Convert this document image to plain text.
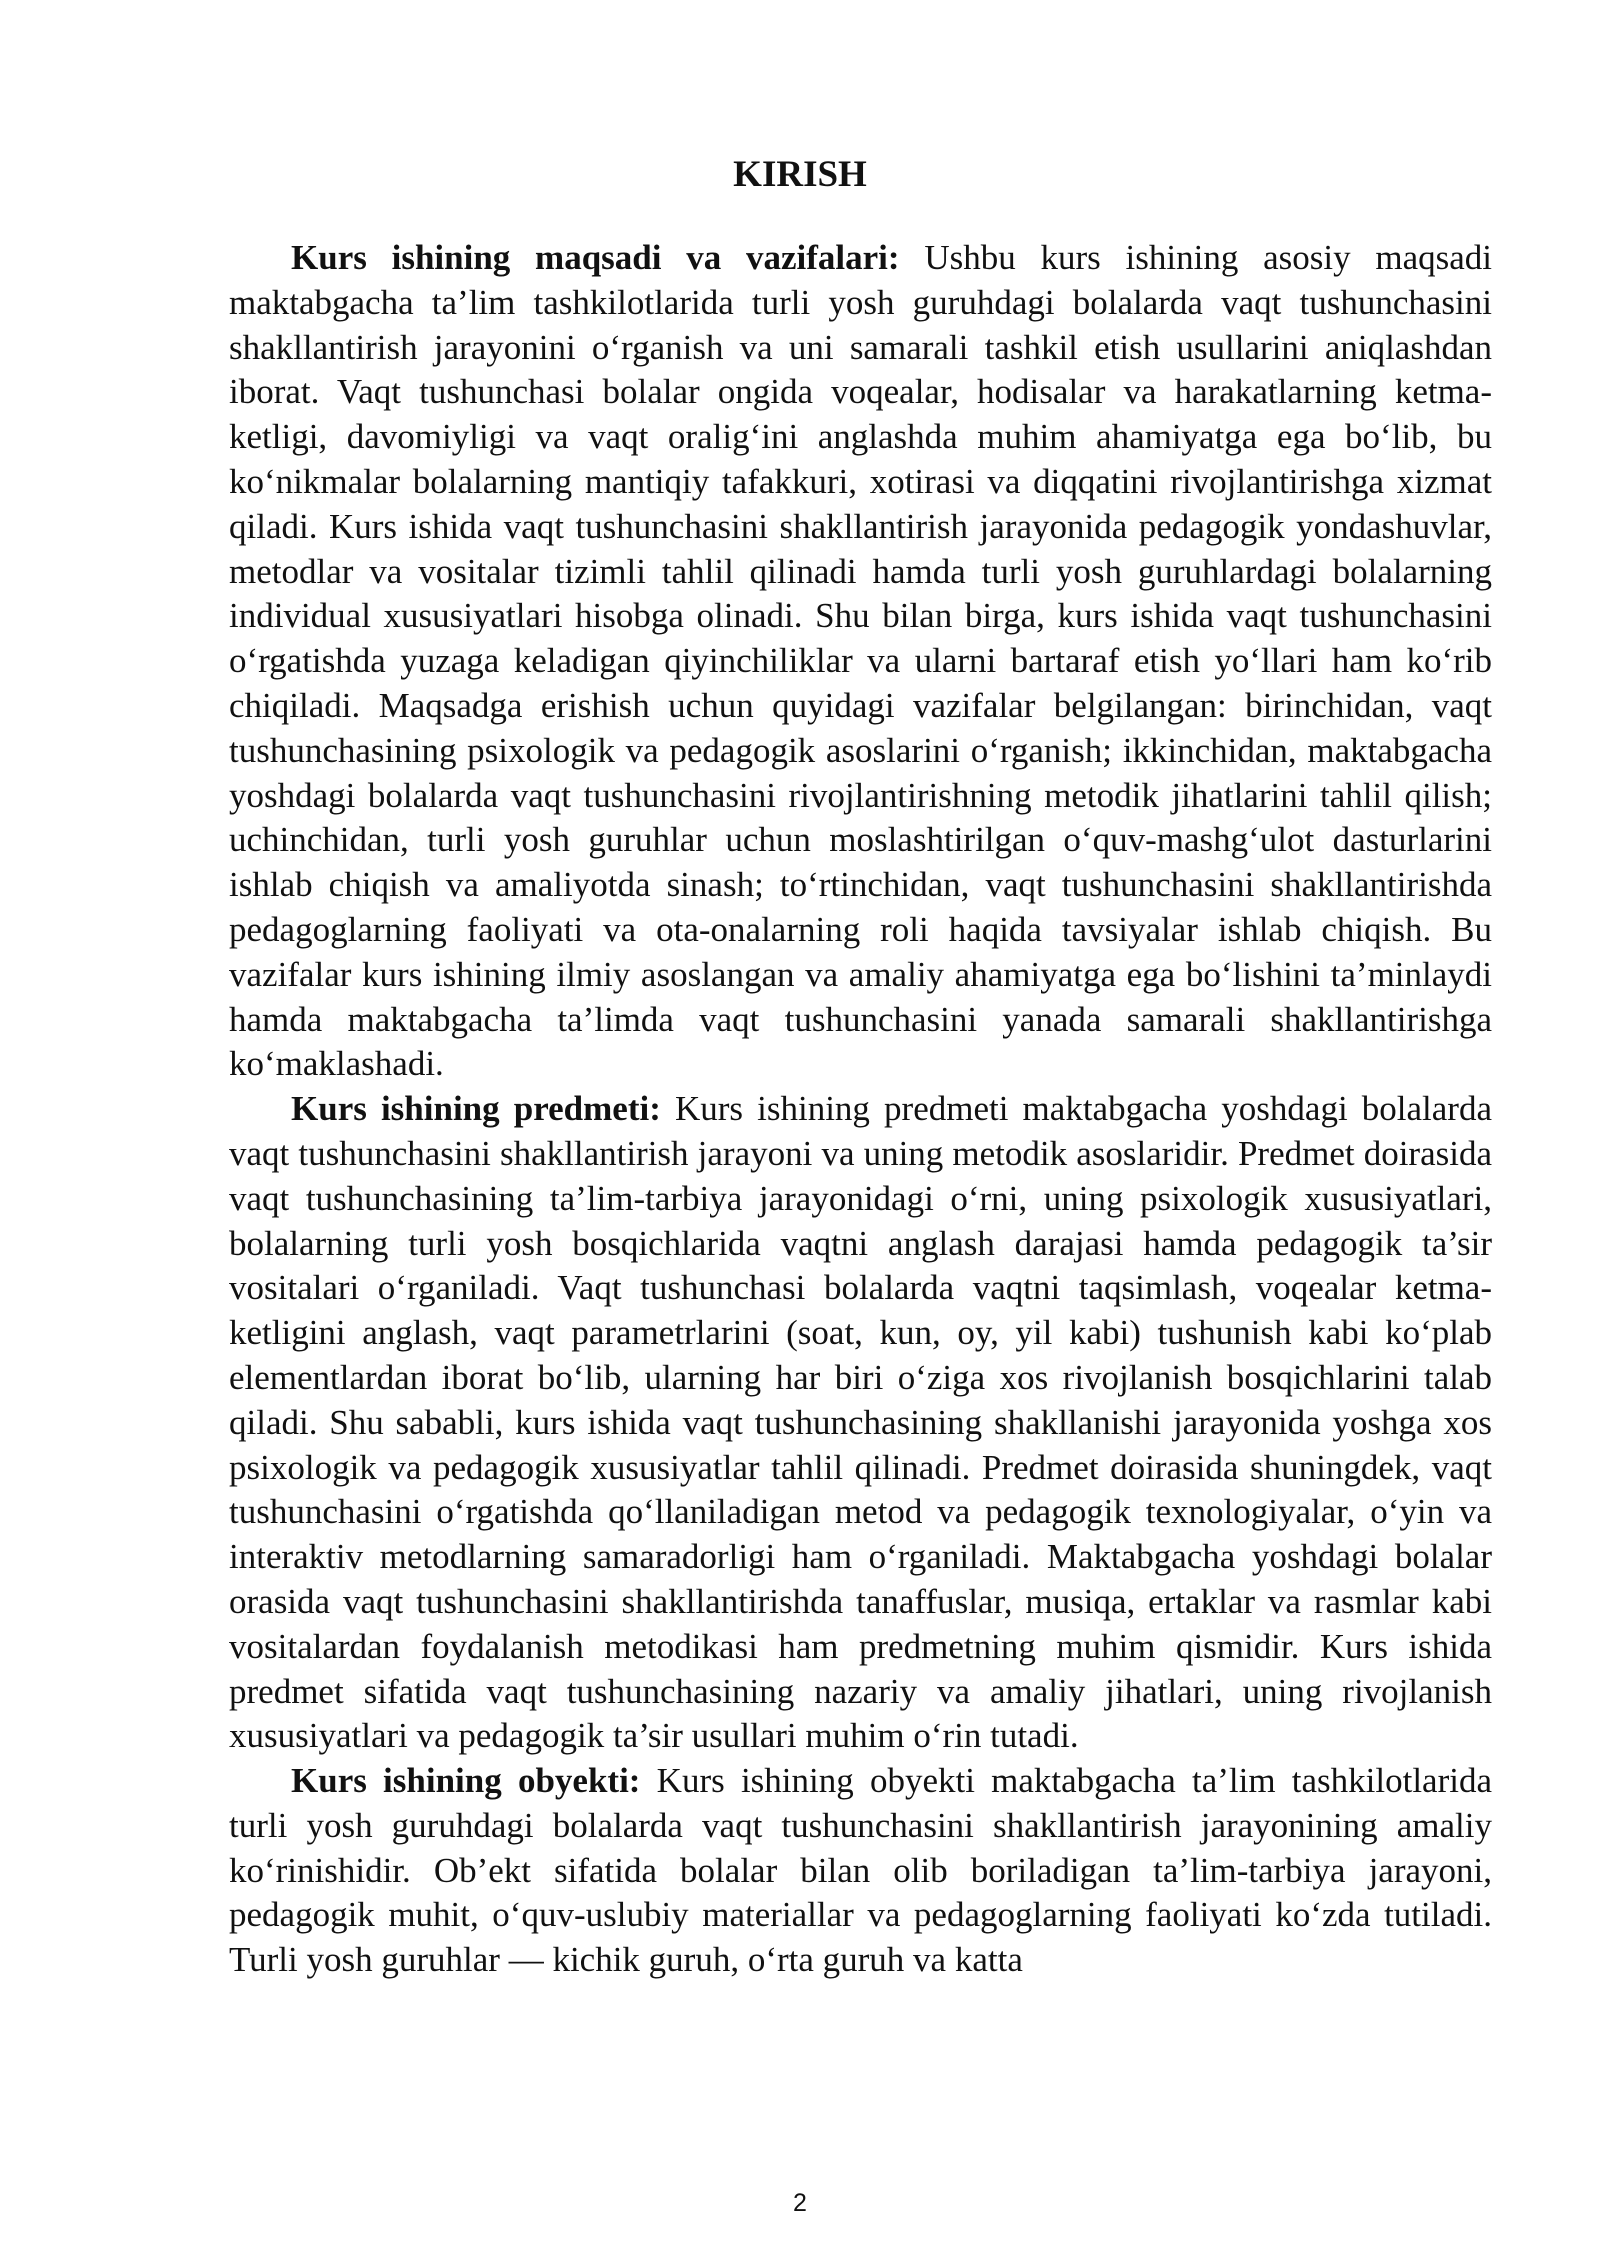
KIRISH

Kurs ishining maqsadi va vazifalari: Ushbu kurs ishining asosiy maqsadi maktabgacha ta’lim tashkilotlarida turli yosh guruhdagi bolalarda vaqt tushunchasini shakllantirish jarayonini o‘rganish va uni samarali tashkil etish usullarini aniqlashdan iborat. Vaqt tushunchasi bolalar ongida voqealar, hodisalar va harakatlarning ketma-ketligi, davomiyligi va vaqt oralig‘ini anglashda muhim ahamiyatga ega bo‘lib, bu ko‘nikmalar bolalarning mantiqiy tafakkuri, xotirasi va diqqatini rivojlantirishga xizmat qiladi. Kurs ishida vaqt tushunchasini shakllantirish jarayonida pedagogik yondashuvlar, metodlar va vositalar tizimli tahlil qilinadi hamda turli yosh guruhlardagi bolalarning individual xususiyatlari hisobga olinadi. Shu bilan birga, kurs ishida vaqt tushunchasini o‘rgatishda yuzaga keladigan qiyinchiliklar va ularni bartaraf etish yo‘llari ham ko‘rib chiqiladi. Maqsadga erishish uchun quyidagi vazifalar belgilangan: birinchidan, vaqt tushunchasining psixologik va pedagogik asoslarini o‘rganish; ikkinchidan, maktabgacha yoshdagi bolalarda vaqt tushunchasini rivojlantirishning metodik jihatlarini tahlil qilish; uchinchidan, turli yosh guruhlar uchun moslashtirilgan o‘quv-mashg‘ulot dasturlarini ishlab chiqish va amaliyotda sinash; to‘rtinchidan, vaqt tushunchasini shakllantirishda pedagoglarning faoliyati va ota-onalarning roli haqida tavsiyalar ishlab chiqish. Bu vazifalar kurs ishining ilmiy asoslangan va amaliy ahamiyatga ega bo‘lishini ta’minlaydi hamda maktabgacha ta’limda vaqt tushunchasini yanada samarali shakllantirishga ko‘maklashadi.

Kurs ishining predmeti: Kurs ishining predmeti maktabgacha yoshdagi bolalarda vaqt tushunchasini shakllantirish jarayoni va uning metodik asoslaridir. Predmet doirasida vaqt tushunchasining ta’lim-tarbiya jarayonidagi o‘rni, uning psixologik xususiyatlari, bolalarning turli yosh bosqichlarida vaqtni anglash darajasi hamda pedagogik ta’sir vositalari o‘rganiladi. Vaqt tushunchasi bolalarda vaqtni taqsimlash, voqealar ketma-ketligini anglash, vaqt parametrlarini (soat, kun, oy, yil kabi) tushunish kabi ko‘plab elementlardan iborat bo‘lib, ularning har biri o‘ziga xos rivojlanish bosqichlarini talab qiladi. Shu sababli, kurs ishida vaqt tushunchasining shakllanishi jarayonida yoshga xos psixologik va pedagogik xususiyatlar tahlil qilinadi. Predmet doirasida shuningdek, vaqt tushunchasini o‘rgatishda qo‘llaniladigan metod va pedagogik texnologiyalar, o‘yin va interaktiv metodlarning samaradorligi ham o‘rganiladi. Maktabgacha yoshdagi bolalar orasida vaqt tushunchasini shakllantirishda tanaffuslar, musiqa, ertaklar va rasmlar kabi vositalardan foydalanish metodikasi ham predmetning muhim qismidir. Kurs ishida predmet sifatida vaqt tushunchasining nazariy va amaliy jihatlari, uning rivojlanish xususiyatlari va pedagogik ta’sir usullari muhim o‘rin tutadi.

Kurs ishining obyekti: Kurs ishining obyekti maktabgacha ta’lim tashkilotlarida turli yosh guruhdagi bolalarda vaqt tushunchasini shakllantirish jarayonining amaliy ko‘rinishidir. Ob’ekt sifatida bolalar bilan olib boriladigan ta’lim-tarbiya jarayoni, pedagogik muhit, o‘quv-uslubiy materiallar va pedagoglarning faoliyati ko‘zda tutiladi. Turli yosh guruhlar — kichik guruh, o‘rta guruh va katta

2
